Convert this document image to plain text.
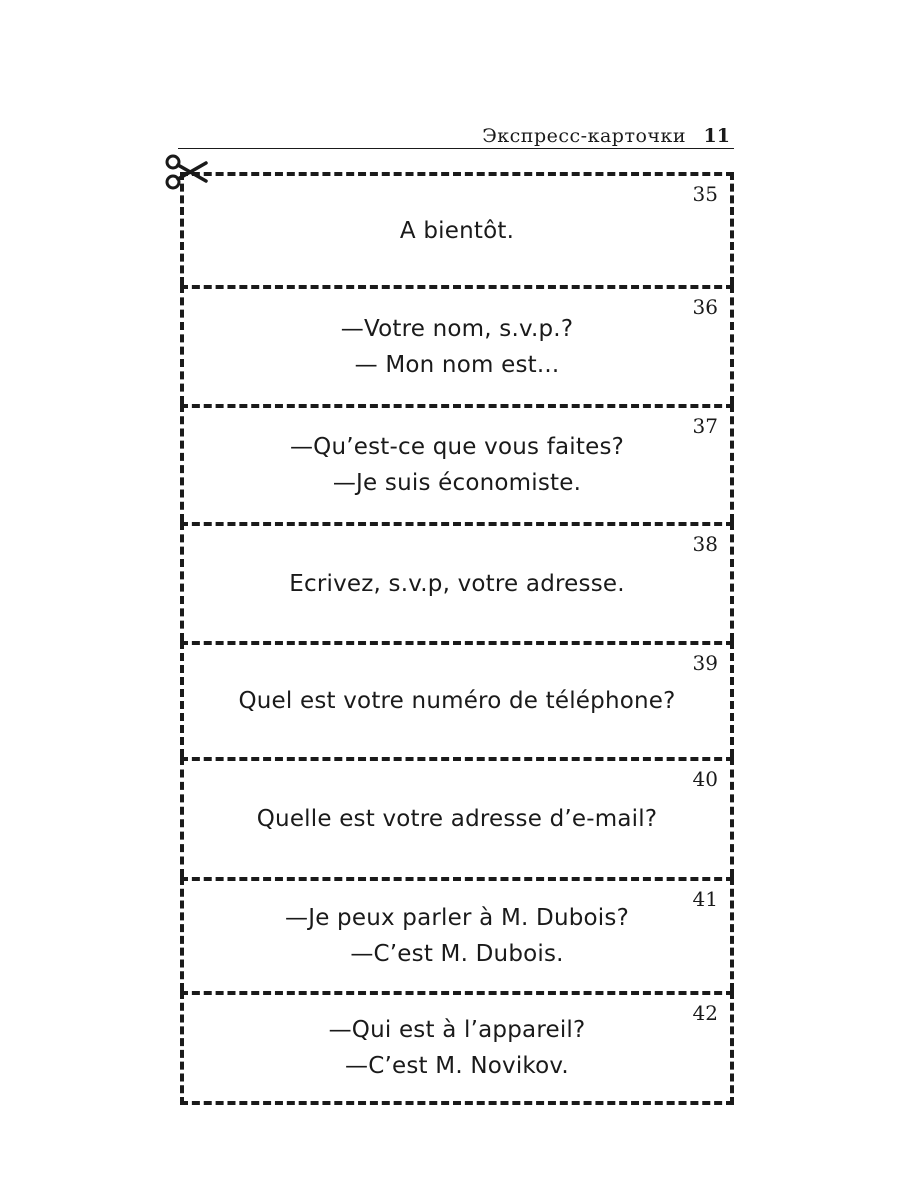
Экспресс-карточки 11
35
A bientôt.
36
—Votre nom, s.v.p.?
— Mon nom est...
37
—Qu’est-ce que vous faites?
—Je suis économiste.
38
Ecrivez, s.v.p, votre adresse.
39
Quel est votre numéro de téléphone?
40
Quelle est votre adresse d’e-mail?
41
—Je peux parler à M. Dubois?
—C’est M. Dubois.
42
—Qui est à l’appareil?
—C’est M. Novikov.
